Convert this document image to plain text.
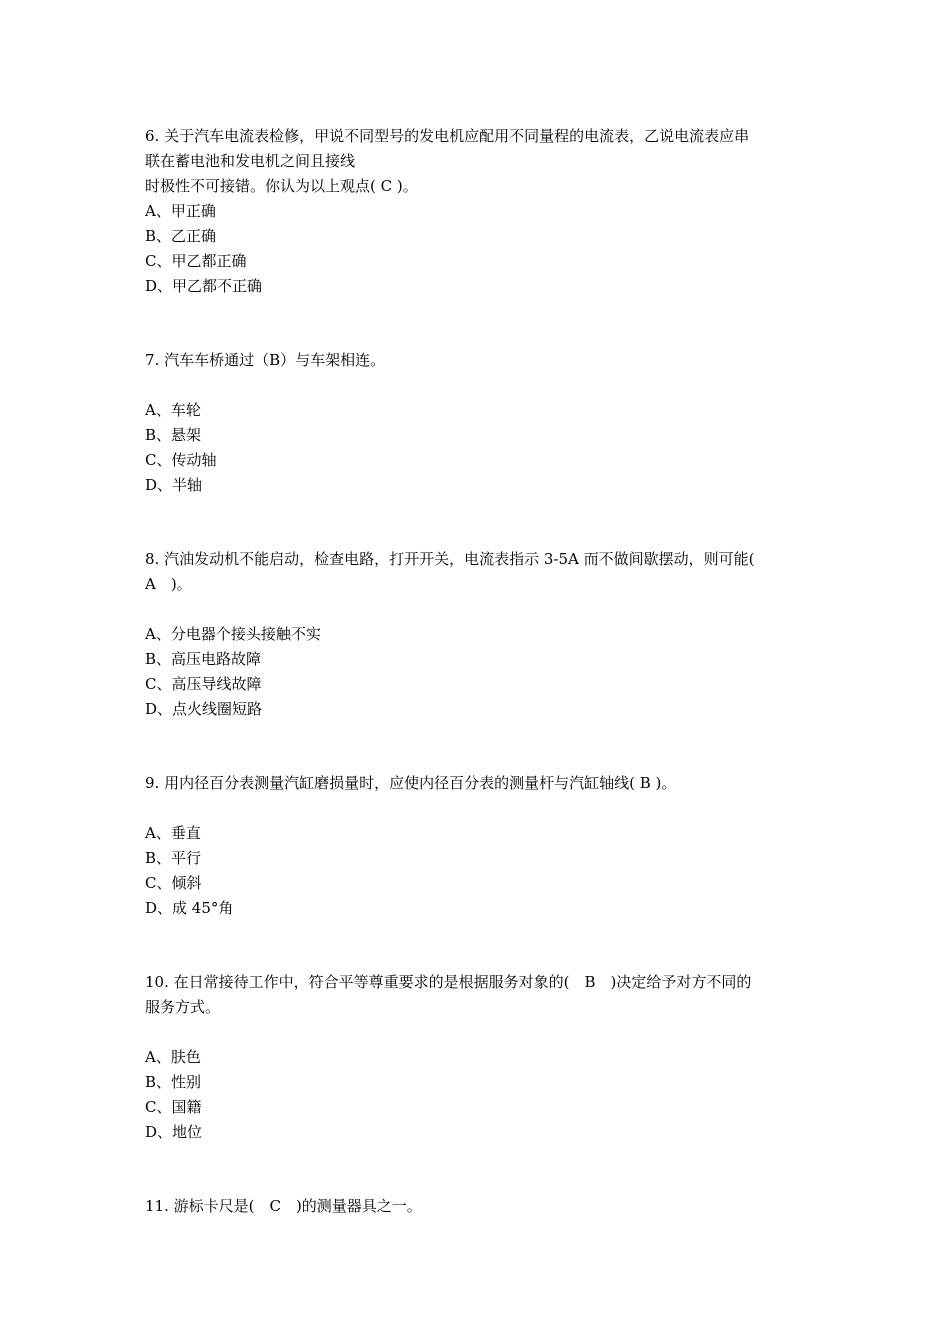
6. 关于汽车电流表检修，甲说不同型号的发电机应配用不同量程的电流表，乙说电流表应串
联在蓄电池和发电机之间且接线
时极性不可接错。你认为以上观点( C )。
A、甲正确
B、乙正确
C、甲乙都正确
D、甲乙都不正确
7. 汽车车桥通过（B）与车架相连。
A、车轮
B、悬架
C、传动轴
D、半轴
8. 汽油发动机不能启动，检查电路，打开开关，电流表指示 3-5A 而不做间歇摆动，则可能(
A　)。
A、分电器个接头接触不实
B、高压电路故障
C、高压导线故障
D、点火线圈短路
9. 用内径百分表测量汽缸磨损量时，应使内径百分表的测量杆与汽缸轴线( B )。
A、垂直
B、平行
C、倾斜
D、成 45°角
10. 在日常接待工作中，符合平等尊重要求的是根据服务对象的(　B　)决定给予对方不同的
服务方式。
A、肤色
B、性别
C、国籍
D、地位
11. 游标卡尺是(　C　)的测量器具之一。
